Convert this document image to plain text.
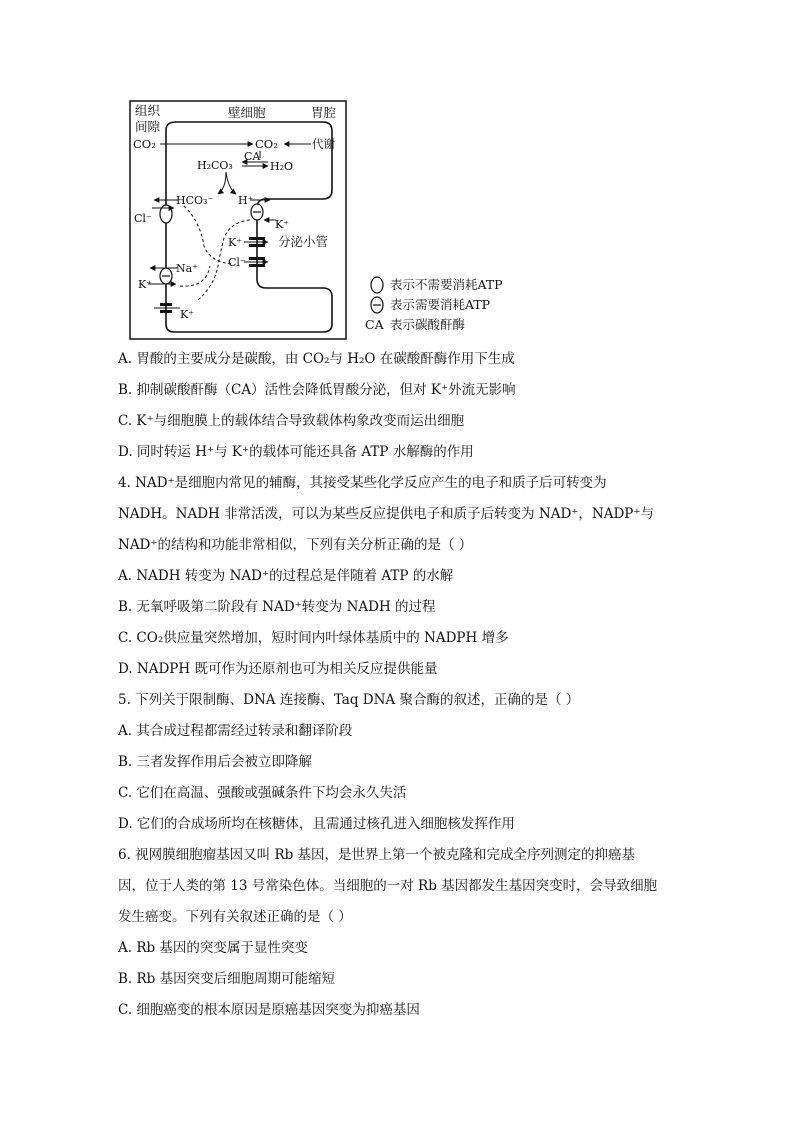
组织
间隙
壁细胞	胃腔
CO₂	CO₂	代谢
H₂CO₃
CA
H₂O
HCO₃⁻ H⁺
K⁺
K⁺	分泌小管
Cl⁻
Cl⁻
Na⁺
K⁺
K⁺
表示不需要消耗ATP
表示需要消耗ATP
CA 表示碳酸酐酶
A. 胃酸的主要成分是碳酸，由 CO₂与 H₂O 在碳酸酐酶作用下生成
B. 抑制碳酸酐酶（CA）活性会降低胃酸分泌，但对 K⁺外流无影响
C. K⁺与细胞膜上的载体结合导致载体构象改变而运出细胞
D. 同时转运 H⁺与 K⁺的载体可能还具备 ATP 水解酶的作用
4. NAD⁺是细胞内常见的辅酶，其接受某些化学反应产生的电子和质子后可转变为
NADH。NADH 非常活泼，可以为某些反应提供电子和质子后转变为 NAD⁺，NADP⁺与
NAD⁺的结构和功能非常相似，下列有关分析正确的是（ ）
A. NADH 转变为 NAD⁺的过程总是伴随着 ATP 的水解
B. 无氧呼吸第二阶段有 NAD⁺转变为 NADH 的过程
C. CO₂供应量突然增加，短时间内叶绿体基质中的 NADPH 增多
D. NADPH 既可作为还原剂也可为相关反应提供能量
5. 下列关于限制酶、DNA 连接酶、Taq DNA 聚合酶的叙述，正确的是（ ）
A. 其合成过程都需经过转录和翻译阶段
B. 三者发挥作用后会被立即降解
C. 它们在高温、强酸或强碱条件下均会永久失活
D. 它们的合成场所均在核糖体，且需通过核孔进入细胞核发挥作用
6. 视网膜细胞瘤基因又叫 Rb 基因，是世界上第一个被克隆和完成全序列测定的抑癌基
因，位于人类的第 13 号常染色体。当细胞的一对 Rb 基因都发生基因突变时，会导致细胞
发生癌变。下列有关叙述正确的是（ ）
A. Rb 基因的突变属于显性突变
B. Rb 基因突变后细胞周期可能缩短
C. 细胞癌变的根本原因是原癌基因突变为抑癌基因
